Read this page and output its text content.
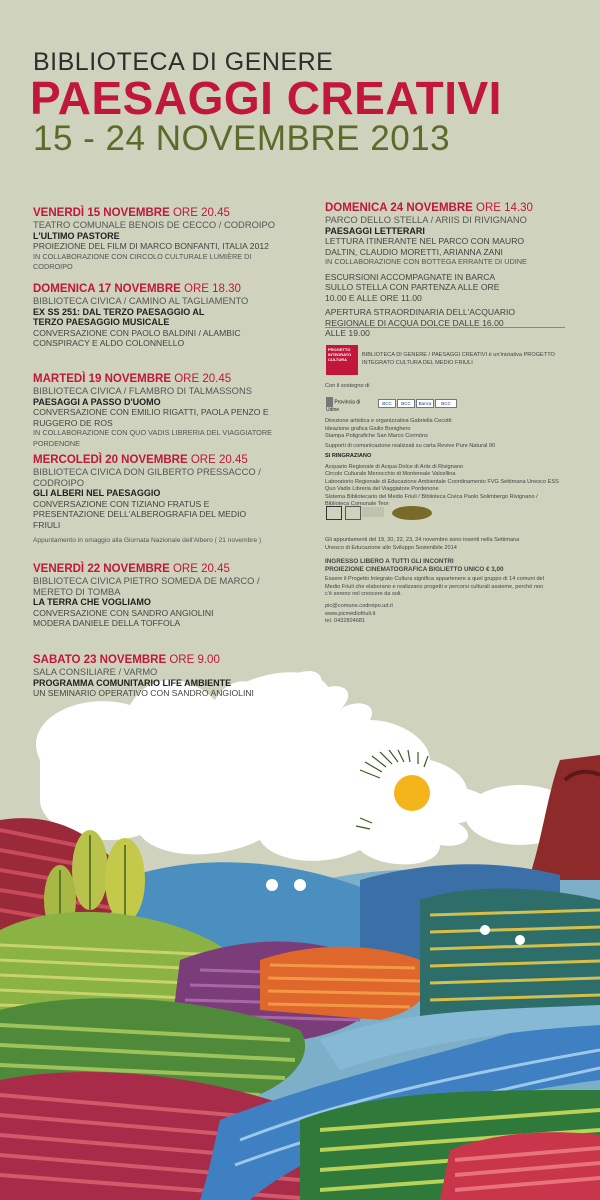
BIBLIOTECA DI GENERE
PAESAGGI CREATIVI
15 - 24 NOVEMBRE 2013
VENERDÌ 15 NOVEMBRE ORE 20.45
TEATRO COMUNALE BENOIS DE CECCO / CODROIPO
L'ULTIMO PASTORE
PROIEZIONE DEL FILM DI MARCO BONFANTI, ITALIA 2012
IN COLLABORAZIONE CON CIRCOLO CULTURALE LUMIÈRE DI CODROIPO
DOMENICA 17 NOVEMBRE ORE 18.30
BIBLIOTECA CIVICA / CAMINO AL TAGLIAMENTO
EX SS 251: DAL TERZO PAESAGGIO AL TERZO PAESAGGIO MUSICALE
CONVERSAZIONE CON PAOLO BALDINI / ALAMBIC CONSPIRACY E ALDO COLONNELLO
MARTEDÌ 19 NOVEMBRE ORE 20.45
BIBLIOTECA CIVICA / FLAMBRO DI TALMASSONS
PAESAGGI A PASSO D'UOMO
CONVERSAZIONE CON EMILIO RIGATTI, PAOLA PENZO E RUGGERO DE ROS
IN COLLABORAZIONE CON QUO VADIS LIBRERIA DEL VIAGGIATORE PORDENONE
MERCOLEDÌ 20 NOVEMBRE ORE 20.45
BIBLIOTECA CIVICA DON GILBERTO PRESSACCO / CODROIPO
GLI ALBERI NEL PAESAGGIO
CONVERSAZIONE CON TIZIANO FRATUS E PRESENTAZIONE DELL'ALBEROGRAFIA DEL MEDIO FRIULI
Appuntamento in omaggio alla Giornata Nazionale dell'Albero ( 21 novembre )
VENERDÌ 22 NOVEMBRE ORE 20.45
BIBLIOTECA CIVICA PIETRO SOMEDA DE MARCO / MERETO DI TOMBA
LA TERRA CHE VOGLIAMO
CONVERSAZIONE CON SANDRO ANGIOLINI MODERA DANIELE DELLA TOFFOLA
SABATO 23 NOVEMBRE ORE 9.00
SALA CONSILIARE / VARMO
PROGRAMMA COMUNITARIO LIFE AMBIENTE
UN SEMINARIO OPERATIVO CON SANDRO ANGIOLINI
DOMENICA 24 NOVEMBRE ORE 14.30
PARCO DELLO STELLA / ARIIS DI RIVIGNANO
PAESAGGI LETTERARI
LETTURA ITINERANTE NEL PARCO CON MAURO DALTIN, CLAUDIO MORETTI, ARIANNA ZANI
IN COLLABORAZIONE CON BOTTEGA ERRANTE DI UDINE
ESCURSIONI ACCOMPAGNATE IN BARCA SULLO STELLA CON PARTENZA ALLE ORE 10.00 E ALLE ORE 11.00
APERTURA STRAORDINARIA DELL'ACQUARIO REGIONALE DI ACQUA DOLCE DALLE 16.00 ALLE 19.00
PROGETTO INTEGRATO CULTURA
BIBLIOTECA DI GENERE / PAESAGGI CREATIVI è un'iniziativa PROGETTO INTEGRATO CULTURA DEL MEDIO FRIULI
Con il sostegno di
Provincia di Udine
BCC	BCC	Banca	BCC
Direzione artistica e organizzativa Gabriella Cecotti
Ideazione grafica Giulio Bonighero
Stampa Poligrafiche San Marco Cormòns
Supporti di comunicazione realizzati su carta Revive Pure Natural 90
SI RINGRAZIANO
Acquario Regionale di Acqua Dolce di Ariis di Rivignano
Circolo Culturale Menocchio di Montereale Valcellina
Laboratorio Regionale di Educazione Ambientale Coordinamento FVG Settimana Unesco ESS
Quo Vadis Libreria del Viaggiatore Pordenone
Sistema Bibliotecario del Medio Friuli / Biblioteca Civica Paolo Solimbergo Rivignano /
Biblioteca Comunale Teor
Gli appuntamenti del 19, 20, 22, 23, 24 novembre sono inseriti nella Settimana Unesco di Educazione allo Sviluppo Sostenibile 2014
INGRESSO LIBERO A TUTTI GLI INCONTRI
PROIEZIONE CINEMATOGRAFICA BIGLIETTO UNICO € 3,00
Essere il Progetto Integrato Cultura significa appartenere a quel gruppo di 14 comuni del Medio Friuli che elaborano e realizzano progetti e percorsi culturali assieme, perché non c'è sereno nel crescere da soli.
pic@comune.codroipo.ud.it
www.picmediofriuli.it
tel. 0432824681
